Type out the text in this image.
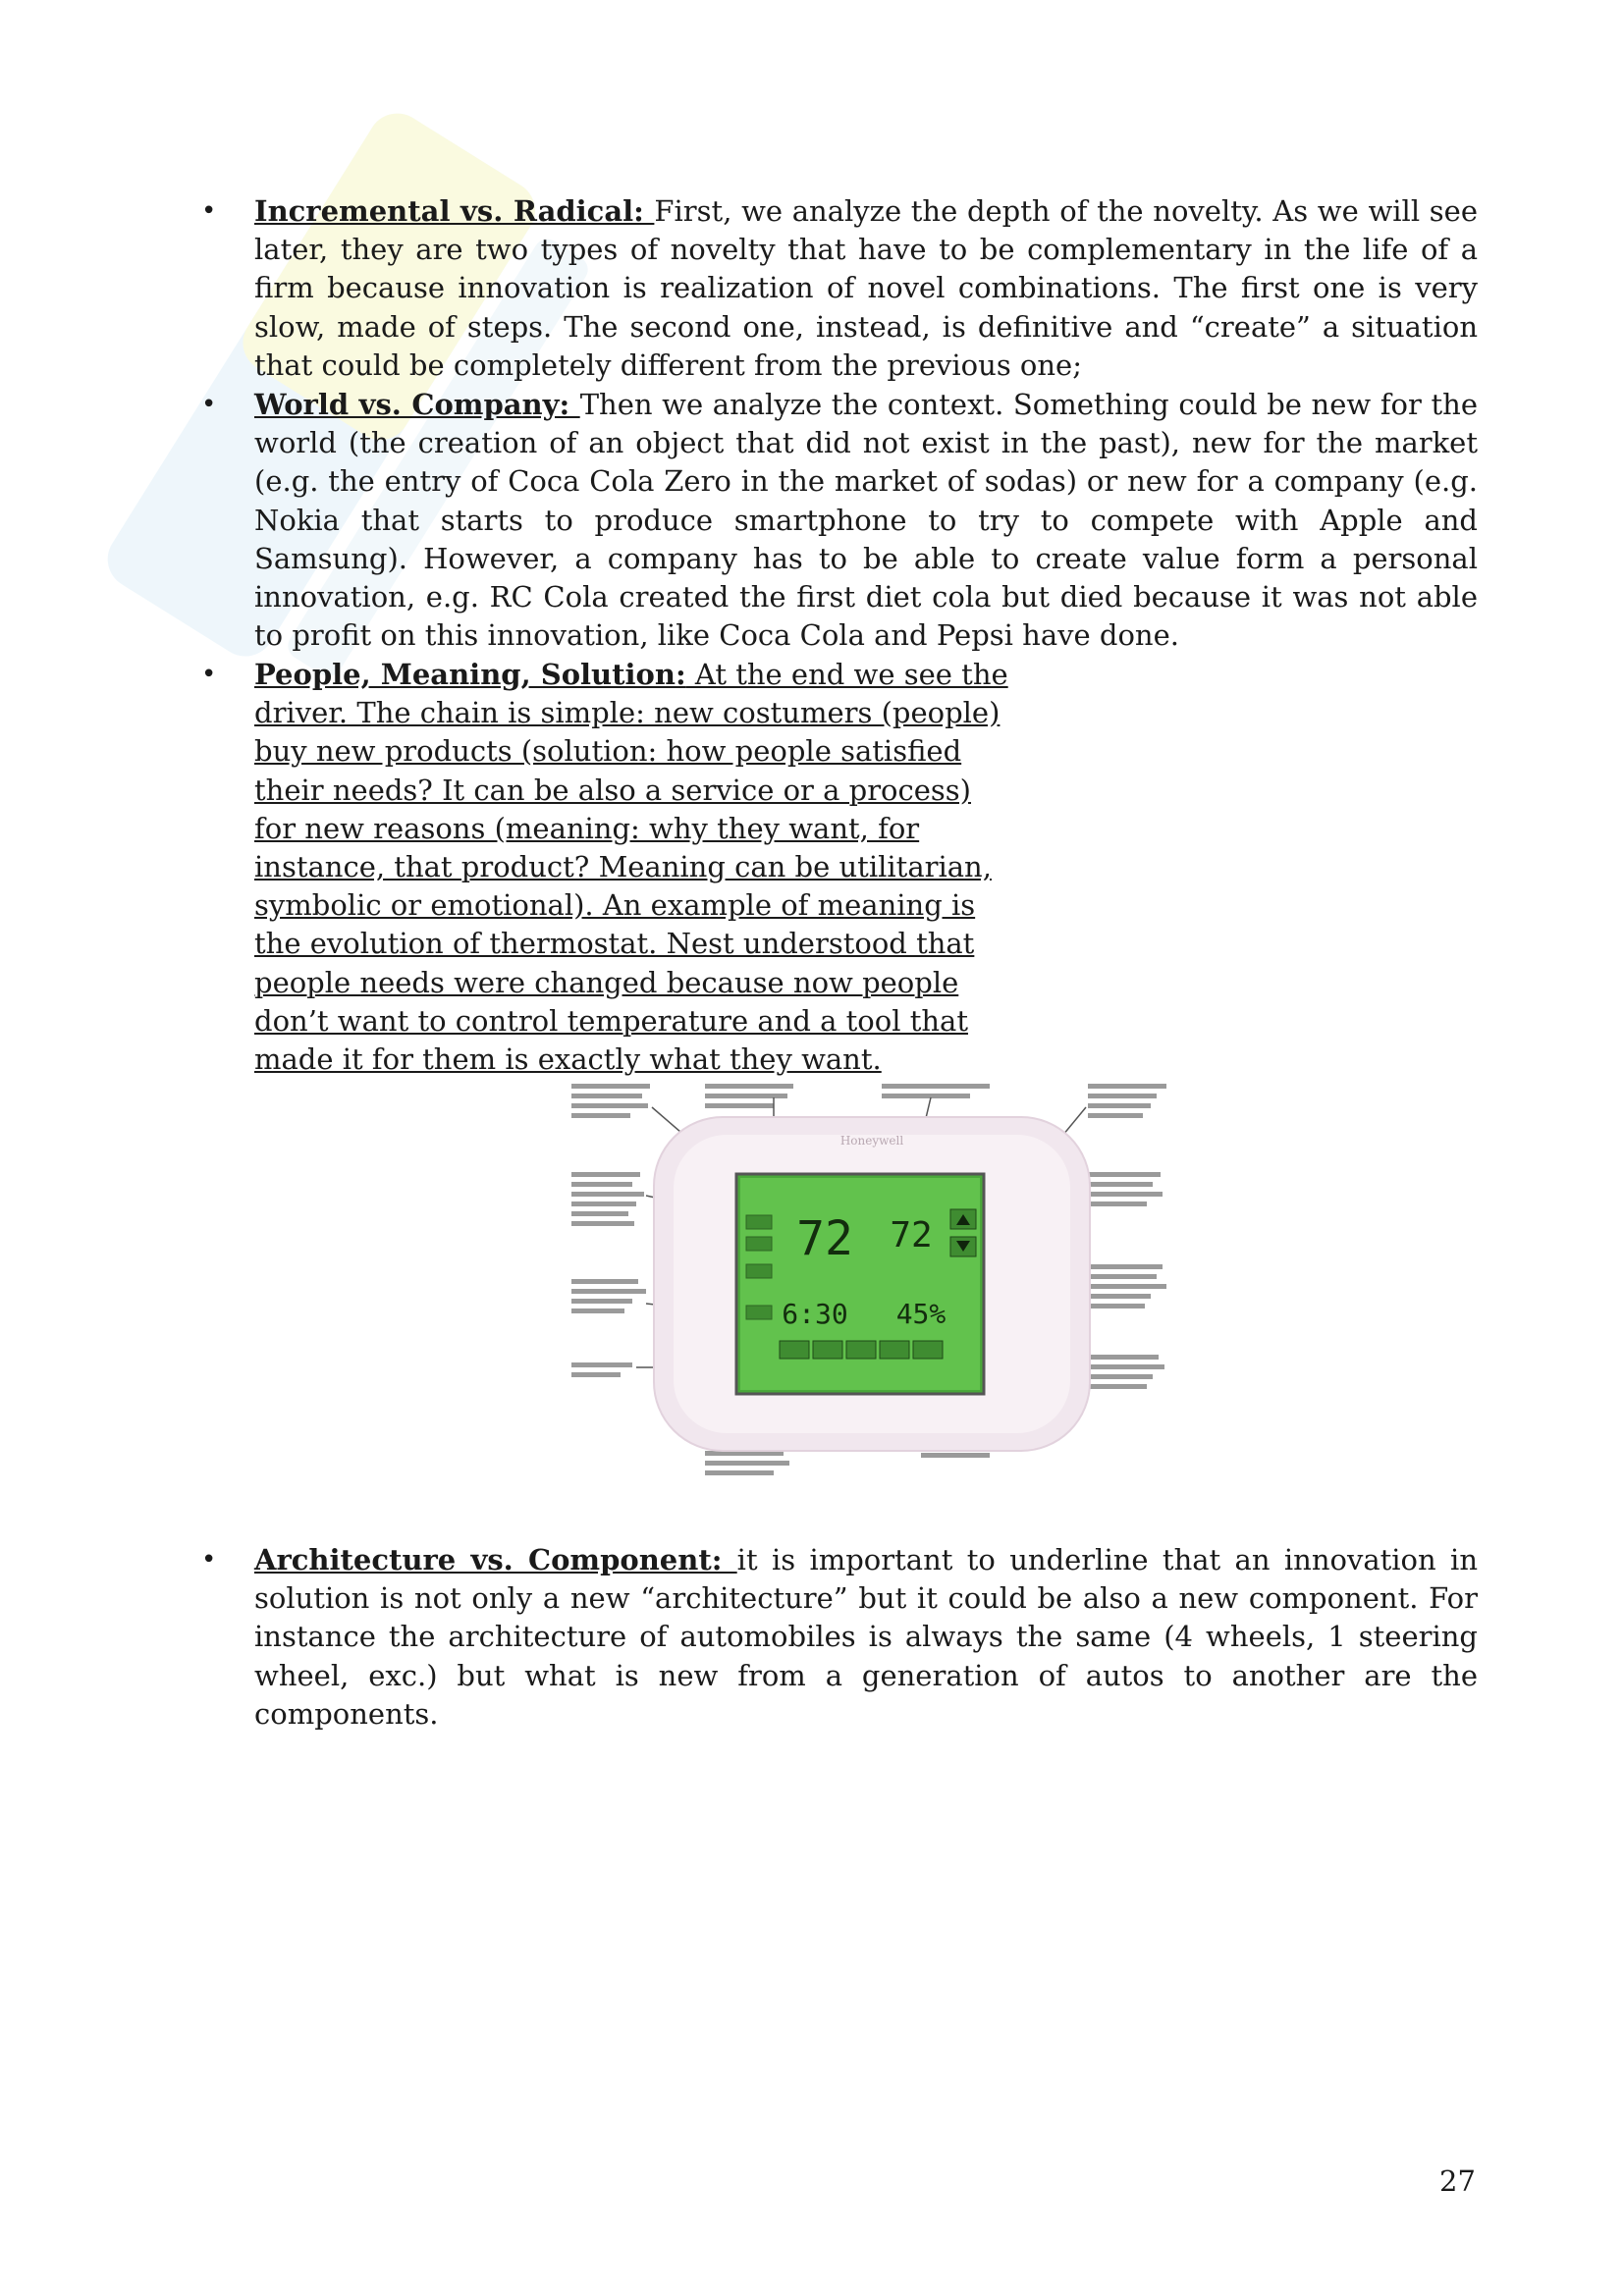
• Incremental vs. Radical: First, we analyze the depth of the novelty. As we will see later, they are two types of novelty that have to be complementary in the life of a firm because innovation is realization of novel combinations. The first one is very slow, made of steps. The second one, instead, is definitive and “create” a situation that could be completely different from the previous one;
• World vs. Company: Then we analyze the context. Something could be new for the world (the creation of an object that did not exist in the past), new for the market (e.g. the entry of Coca Cola Zero in the market of sodas) or new for a company (e.g. Nokia that starts to produce smartphone to try to compete with Apple and Samsung). However, a company has to be able to create value form a personal innovation, e.g. RC Cola created the first diet cola but died because it was not able to profit on this innovation, like Coca Cola and Pepsi have done.
• People, Meaning, Solution: At the end we see the driver. The chain is simple: new costumers (people) buy new products (solution: how people satisfied their needs? It can be also a service or a process) for new reasons (meaning: why they want, for instance, that product? Meaning can be utilitarian, symbolic or emotional). An example of meaning is the evolution of thermostat. Nest understood that people needs were changed because now people don’t want to control temperature and a tool that made it for them is exactly what they want.
Honeywell
72 72
6:30 45%
• Architecture vs. Component: it is important to underline that an innovation in solution is not only a new “architecture” but it could be also a new component. For instance the architecture of automobiles is always the same (4 wheels, 1 steering wheel, exc.) but what is new from a generation of autos to another are the components.
27
